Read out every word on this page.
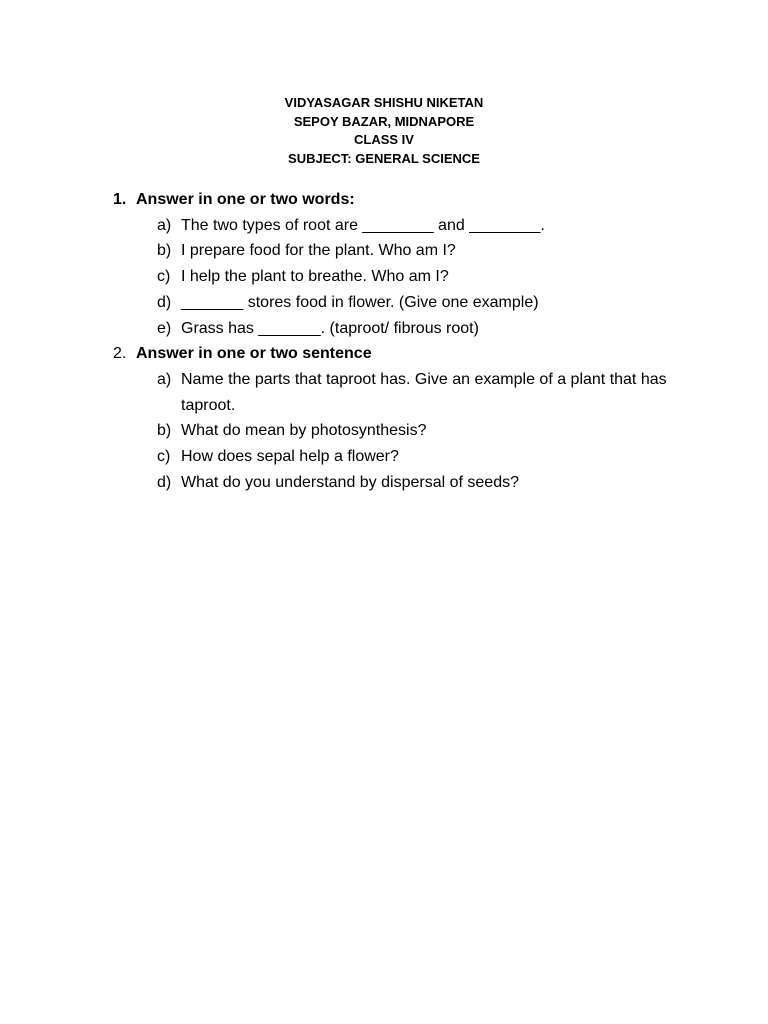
VIDYASAGAR SHISHU NIKETAN
SEPOY BAZAR, MIDNAPORE
CLASS IV
SUBJECT: GENERAL SCIENCE
1. Answer in one or two words:
a) The two types of root are ________ and ________.
b) I prepare food for the plant. Who am I?
c) I help the plant to breathe. Who am I?
d) _______ stores food in flower. (Give one example)
e) Grass has _______. (taproot/ fibrous root)
2. Answer in one or two sentence
a) Name the parts that taproot has. Give an example of a plant that has taproot.
b) What do mean by photosynthesis?
c) How does sepal help a flower?
d) What do you understand by dispersal of seeds?
